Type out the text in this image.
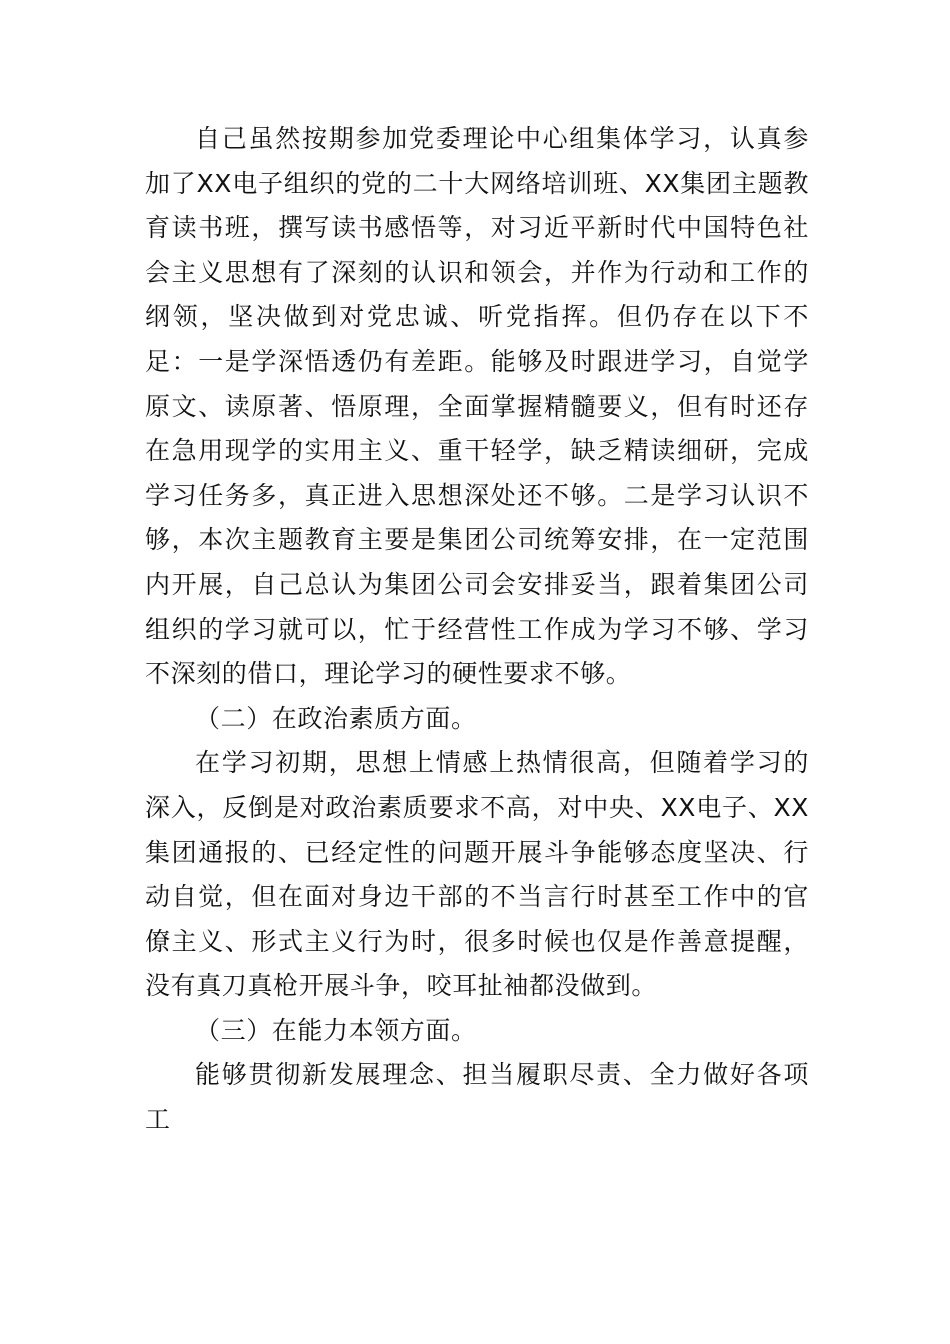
自己虽然按期参加党委理论中心组集体学习，认真参加了XX电子组织的党的二十大网络培训班、XX集团主题教育读书班，撰写读书感悟等，对习近平新时代中国特色社会主义思想有了深刻的认识和领会，并作为行动和工作的纲领，坚决做到对党忠诚、听党指挥。但仍存在以下不足：一是学深悟透仍有差距。能够及时跟进学习，自觉学原文、读原著、悟原理，全面掌握精髓要义，但有时还存在急用现学的实用主义、重干轻学，缺乏精读细研，完成学习任务多，真正进入思想深处还不够。二是学习认识不够，本次主题教育主要是集团公司统筹安排，在一定范围内开展，自己总认为集团公司会安排妥当，跟着集团公司组织的学习就可以，忙于经营性工作成为学习不够、学习不深刻的借口，理论学习的硬性要求不够。

（二）在政治素质方面。

在学习初期，思想上情感上热情很高，但随着学习的深入，反倒是对政治素质要求不高，对中央、XX电子、XX集团通报的、已经定性的问题开展斗争能够态度坚决、行动自觉，但在面对身边干部的不当言行时甚至工作中的官僚主义、形式主义行为时，很多时候也仅是作善意提醒，没有真刀真枪开展斗争，咬耳扯袖都没做到。

（三）在能力本领方面。

能够贯彻新发展理念、担当履职尽责、全力做好各项工
